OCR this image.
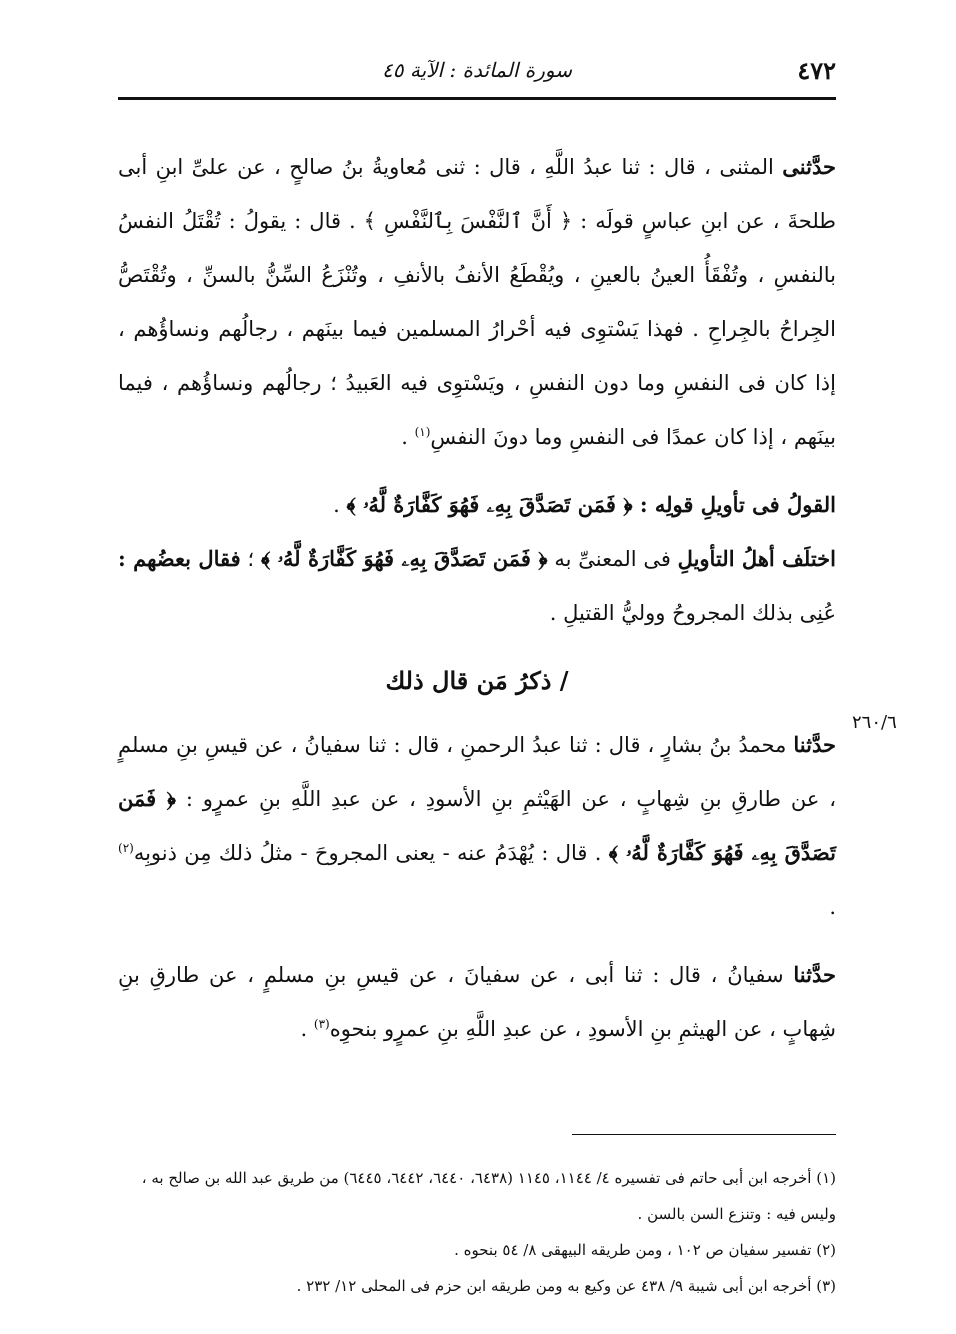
٤٧٢
سورة المائدة : الآية ٤٥
٢٦٠/٦

حدَّثنى المثنى ، قال : ثنا عبدُ اللَّهِ ، قال : ثنى مُعاويةُ بنُ صالحٍ ، عن علىِّ ابنِ أبى طلحةَ ، عن ابنِ عباسٍ قولَه : ﴿ أَنَّ ٱلنَّفْسَ بِٱلنَّفْسِ ﴾ . قال : يقولُ : تُقْتَلُ النفسُ بالنفسِ ، وتُفْقَأُ العينُ بالعينِ ، ويُقْطَعُ الأنفُ بالأنفِ ، وتُنْزَعُ السِّنُّ بالسنِّ ، وتُقْتَصُّ الجِراحُ بالجِراحِ . فهذا يَسْتوِى فيه أحْرارُ المسلمين فيما بينَهم ، رجالُهم ونساؤُهم ، إذا كان فى النفسِ وما دون النفسِ ، ويَسْتوِى فيه العَبيدُ ؛ رجالُهم ونساؤُهم ، فيما بينَهم ، إذا كان عمدًا فى النفسِ وما دونَ النفسِ$^{(١)}$ .

القولُ فى تأويلِ قولِه : ﴿ فَمَن تَصَدَّقَ بِهِۦ فَهُوَ كَفَّارَةٌ لَّهُۥ ﴾ .

اختلَف أهلُ التأويلِ فى المعنىِّ به ﴿ فَمَن تَصَدَّقَ بِهِۦ فَهُوَ كَفَّارَةٌ لَّهُۥ ﴾ ؛ فقال بعضُهم : عُنِى بذلك المجروحُ ووليُّ القتيلِ .

/ ذكرُ مَن قال ذلك

حدَّثنا محمدُ بنُ بشارٍ ، قال : ثنا عبدُ الرحمنِ ، قال : ثنا سفيانُ ، عن قيسِ بنِ مسلمٍ ، عن طارقِ بنِ شِهابٍ ، عن الهَيْثمِ بنِ الأسودِ ، عن عبدِ اللَّهِ بنِ عمرٍو : ﴿ فَمَن تَصَدَّقَ بِهِۦ فَهُوَ كَفَّارَةٌ لَّهُۥ ﴾ . قال : يُهْدَمُ عنه - يعنى المجروحَ - مثلُ ذلك مِن ذنوبِه$^{(٢)}$ .

حدَّثنا سفيانُ ، قال : ثنا أبى ، عن سفيانَ ، عن قيسِ بنِ مسلمٍ ، عن طارقِ بنِ شِهابٍ ، عن الهيثمِ بنِ الأسودِ ، عن عبدِ اللَّهِ بنِ عمرٍو بنحوِه$^{(٣)}$ .

(١) أخرجه ابن أبى حاتم فى تفسيره ٤/ ١١٤٤، ١١٤٥ (٦٤٣٨، ٦٤٤٠، ٦٤٤٢، ٦٤٤٥) من طريق عبد الله بن صالح به ، وليس فيه : وتنزع السن بالسن .

(٢) تفسير سفيان ص ١٠٢ ، ومن طريقه البيهقى ٨/ ٥٤ بنحوه .

(٣) أخرجه ابن أبى شيبة ٩/ ٤٣٨ عن وكيع به ومن طريقه ابن حزم فى المحلى ١٢/ ٢٣٢ .
